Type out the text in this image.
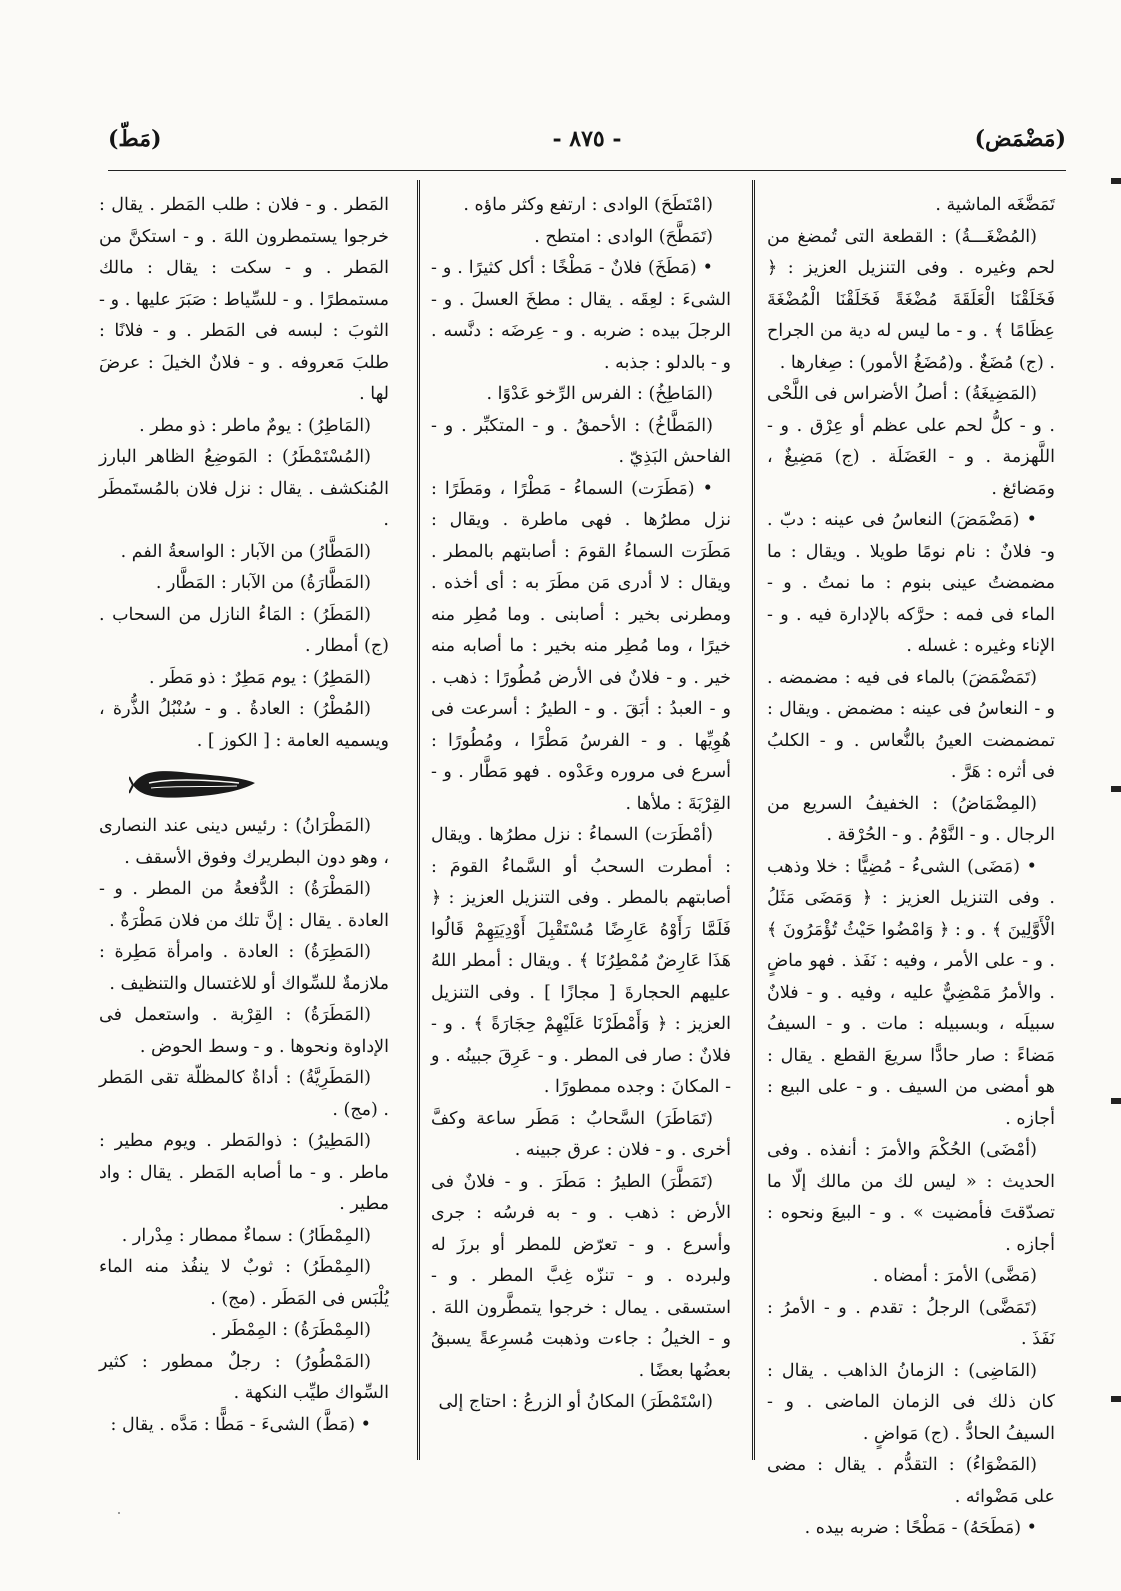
(مَطّ)	- ٨٧٥ -	(مَضْمَض)

تَمَضَّغَه الماشية .

(المُضْغَـــةُ) : القطعة التى تُمضغ من لحم وغيره . وفى التنزيل العزيز : ﴿ فَخَلَقْنَا الْعَلَقَةَ مُضْغَةً فَخَلَقْنَا الْمُضْغَةَ عِظَامًا ﴾ . و - ما ليس له دية من الجراح . (ج) مُضَغٌ . و(مُضَغُ الأمور) : صِغارها .

(المَضِيغَةُ) : أصلُ الأضراس فى اللَّحْى . و - كلُّ لحم على عظم أو عِرْق . و - اللَّهزمة . و - العَضَلَة . (ج) مَضِيغٌ ، ومَضائغ .

• (مَضْمَضَ) النعاسُ فى عينه : دبّ . و- فلانٌ : نام نومًا طويلا . ويقال : ما مضمضتُ عينى بنوم : ما نمتُ . و - الماء فى فمه : حرَّكه بالإدارة فيه . و - الإناء وغيره : غسله .

(تَمَضْمَضَ) بالماء فى فيه : مضمضه . و - النعاسُ فى عينه : مضمض . ويقال : تمضمضت العينُ بالنُّعاس . و - الكلبُ فى أثره : هَرَّ .

(المِضْمَاضُ) : الخفيفُ السريع من الرجال . و - النَّوْمُ . و - الحُرْقة .

• (مَضَى) الشىءُ - مُضِيًّا : خلا وذهب . وفى التنزيل العزيز : ﴿ وَمَضَى مَثَلُ الْأَوَّلِينَ ﴾ . و : ﴿ وَامْضُوا حَيْثُ تُؤْمَرُونَ ﴾ . و - على الأمر ، وفيه : نَفَذ . فهو ماضٍ . والأمرُ مَمْضِيٌّ عليه ، وفيه . و - فلانٌ سبيلَه ، وبسبيله : مات . و - السيفُ مَضاءً : صار حادًّا سريعَ القطع . يقال : هو أمضى من السيف . و - على البيع : أجازه .

(أمْضَى) الحُكْمَ والأمرَ : أنفذه . وفى الحديث : « ليس لك من مالك إلّا ما تصدّقتَ فأمضيت » . و - البيعَ ونحوه : أجازه .

(مَضَّى) الأمرَ : أمضاه .

(تَمَضَّى) الرجلُ : تقدم . و - الأمرُ : نَفَذَ .

(المَاضِى) : الزمانُ الذاهب . يقال : كان ذلك فى الزمان الماضى . و - السيفُ الحادُّ . (ج) مَواضٍ .

(المَضْوَاءُ) : التقدُّم . يقال : مضى على مَضْوائه .

• (مَطَحَهُ) - مَطْحًا : ضربه بيده .

(امْتَطَحَ) الوادى : ارتفع وكثر ماؤه .

(تَمَطَّحَ) الوادى : امتطح .

• (مَطَخَ) فلانٌ - مَطْخًا : أكل كثيرًا . و - الشىءَ : لعِقَه . يقال : مطخَ العسلَ . و - الرجلَ بيده : ضربه . و - عِرضَه : دنَّسه . و - بالدلو : جذبه .

(المَاطِخُ) : الفرس الرِّخو عَدْوًا .

(المَطَّاخُ) : الأحمقُ . و - المتكبِّر . و - الفاحش البَذِيّ .

• (مَطَرَت) السماءُ - مَطْرًا ، ومَطَرًا : نزل مطرُها . فهى ماطرة . ويقال : مَطَرَت السماءُ القومَ : أصابتهم بالمطر . ويقال : لا أدرى مَن مطَرَ به : أى أخذه . ومطرنى بخير : أصابنى . وما مُطِر منه خيرًا ، وما مُطِر منه بخير : ما أصابه منه خير . و - فلانٌ فى الأرض مُطُورًا : ذهب . و - العبدُ : أبَقَ . و - الطيرُ : أسرعت فى هُوِيِّها . و - الفرسُ مَطْرًا ، ومُطُورًا : أسرع فى مروره وعَدْوه . فهو مَطَّار . و - القِرْبَةَ : ملأها .

(أمْطَرَت) السماءُ : نزل مطرُها . ويقال : أمطرت السحبُ أو السَّماءُ القومَ : أصابتهم بالمطر . وفى التنزيل العزيز : ﴿ فَلَمَّا رَأَوْهُ عَارِضًا مُسْتَقْبِلَ أَوْدِيَتِهِمْ قَالُوا هَذَا عَارِضٌ مُمْطِرُنَا ﴾ . ويقال : أمطر اللهُ عليهم الحجارةَ [ مجازًا ] . وفى التنزيل العزيز : ﴿ وَأَمْطَرْنَا عَلَيْهِمْ حِجَارَةً ﴾ . و - فلانٌ : صار فى المطر . و - عَرِقَ جبينُه . و - المكانَ : وجده ممطورًا .

(تَمَاطَرَ) السَّحابُ : مَطَر ساعة وكفَّ أخرى . و - فلان : عرق جبينه .

(تَمَطَّرَ) الطيرُ : مَطَرَ . و - فلانٌ فى الأرض : ذهب . و - به فرسُه : جرى وأسرع . و - تعرّض للمطر أو برزَ له ولبرده . و - تنزّه غِبَّ المطر . و - استسقى . يمال : خرجوا يتمطَّرون اللهَ . و - الخيلُ : جاءت وذهبت مُسرِعةً يسبقُ بعضُها بعضًا .

(اسْتَمْطَرَ) المكانُ أو الزرعُ : احتاج إلى

المَطر . و - فلان : طلب المَطر . يقال : خرجوا يستمطرون اللهَ . و - استكنَّ من المَطر . و - سكت : يقال : مالك مستمطرًا . و - للسِّياط : صَبَرَ عليها . و - الثوبَ : لبسه فى المَطر . و - فلانًا : طلبَ مَعروفه . و - فلانٌ الخيلَ : عرضَ لها .

(المَاطِرُ) : يومٌ ماطر : ذو مطر .

(المُسْتَمْطَرُ) : المَوضِعُ الظاهر البارز المُنكشف . يقال : نزل فلان بالمُستَمطَر .

(المَطَّارُ) من الآبار : الواسعةُ الفم .

(المَطَّارَةُ) من الآبار : المَطَّار .

(المَطَرُ) : المَاءُ النازل من السحاب . (ج) أمطار .

(المَطِرُ) : يوم مَطِرٌ : ذو مَطَر .

(المُطْرُ) : العادةُ . و - سُنْبُلُ الذُّرة ، ويسميه العامة : [ الكوز ] .

(المَطْرَانُ) : رئيس دينى عند النصارى ، وهو دون البطريرك وفوق الأسقف .

(المَطْرَةُ) : الدُّفعةُ من المطر . و - العادة . يقال : إنَّ تلك من فلان مَطْرَةٌ .

(المَطِرَةُ) : العادة . وامرأة مَطِرة : ملازمةٌ للسِّواك أو للاغتسال والتنظيف .

(المَطَرَةُ) : القِرْبة . واستعمل فى الإداوة ونحوها . و - وسط الحوض .

(المَطَرِيَّةُ) : أداةٌ كالمظلّة تقى المَطر . (مج) .

(المَطِيرُ) : ذوالمَطر . ويوم مطير : ماطر . و - ما أصابه المَطر . يقال : واد مطير .

(المِمْطَارُ) : سماءٌ ممطار : مِدْرار .

(المِمْطَرُ) : ثوبٌ لا ينفُذ منه الماء يُلْبَس فى المَطَر . (مج) .

(المِمْطَرَةُ) : المِمْطَر .

(المَمْطُورُ) : رجلٌ ممطور : كثير السِّواك طيِّب النكهة .

• (مَطَّ) الشىءَ - مَطًّا : مَدَّه . يقال :
